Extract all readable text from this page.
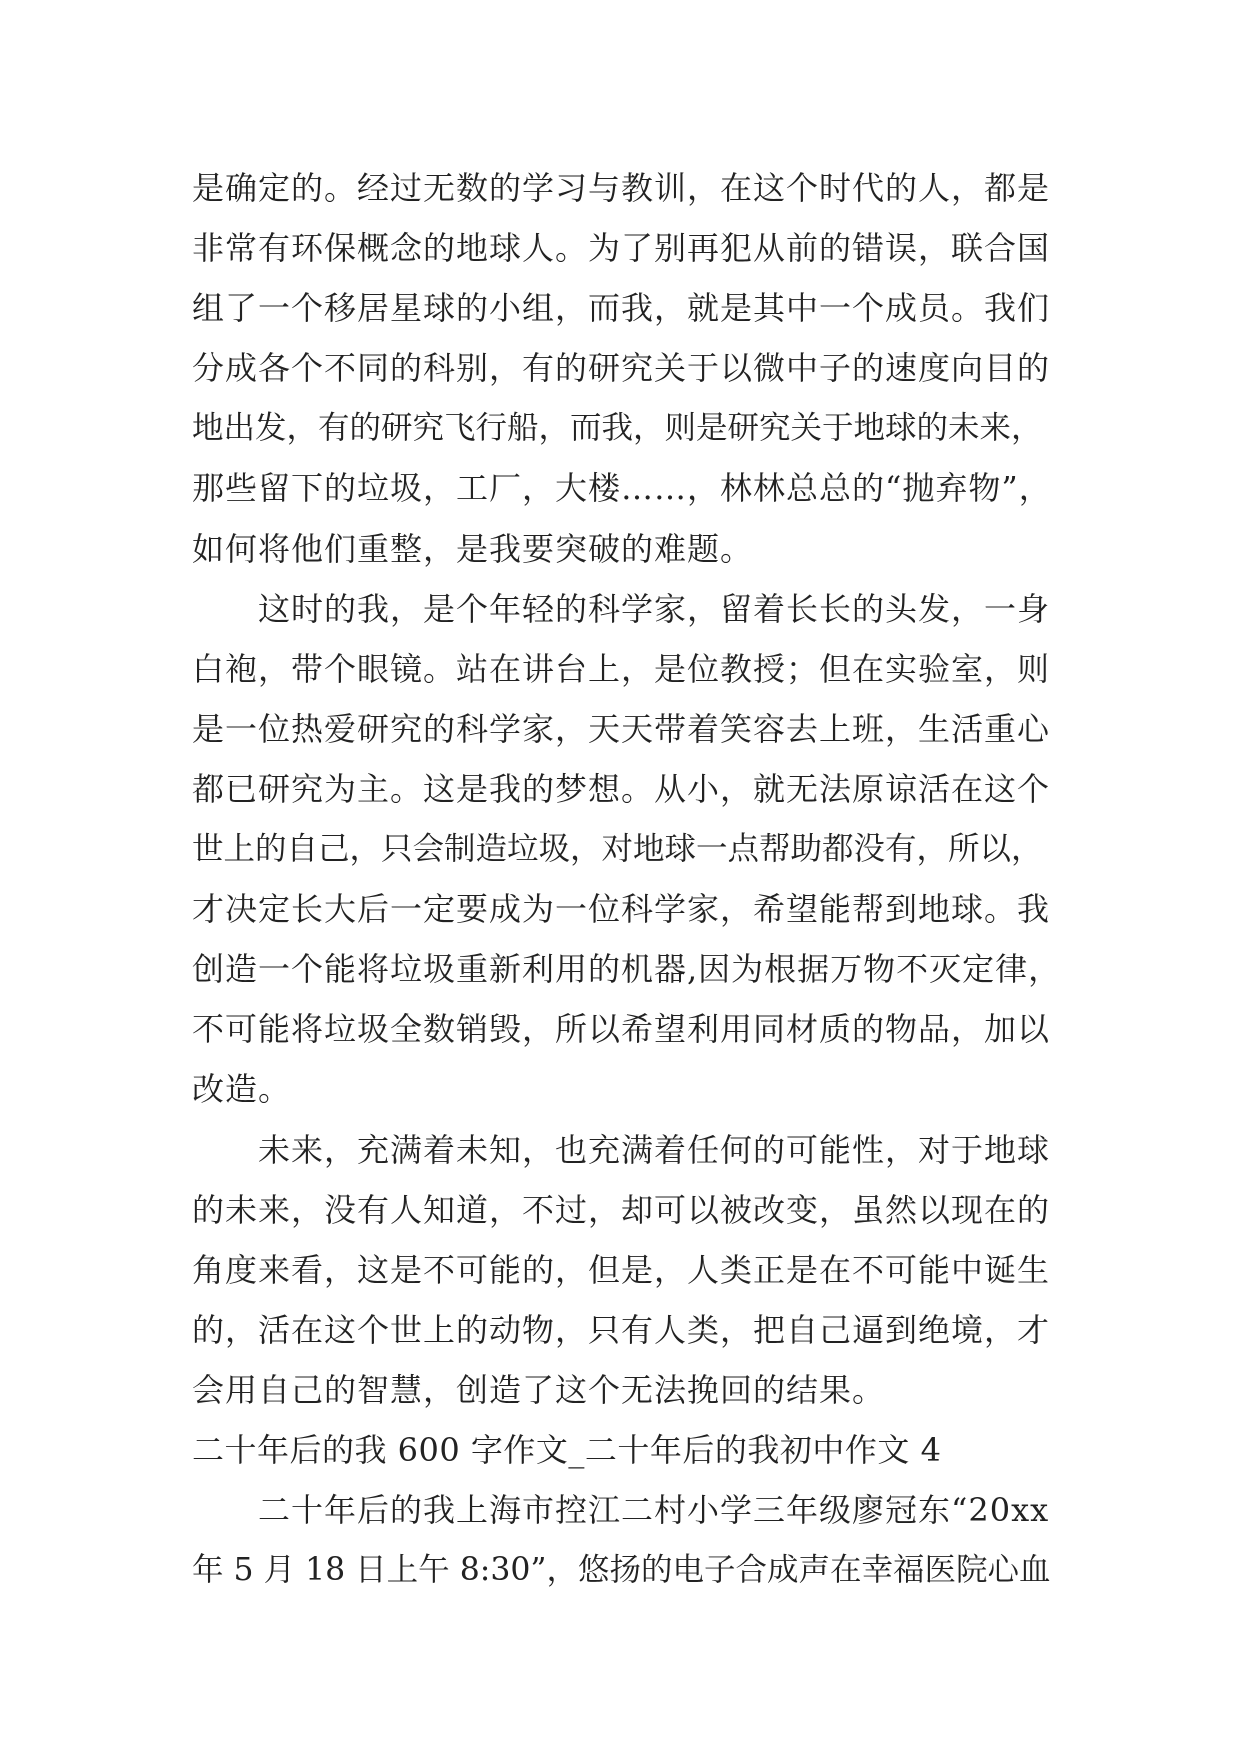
是确定的。经过无数的学习与教训，在这个时代的人，都是
非常有环保概念的地球人。为了别再犯从前的错误，联合国
组了一个移居星球的小组，而我，就是其中一个成员。我们
分成各个不同的科别，有的研究关于以微中子的速度向目的
地出发，有的研究飞行船，而我，则是研究关于地球的未来，
那些留下的垃圾，工厂，大楼……，林林总总的“抛弃物”，
如何将他们重整，是我要突破的难题。
这时的我，是个年轻的科学家，留着长长的头发，一身
白袍，带个眼镜。站在讲台上，是位教授；但在实验室，则
是一位热爱研究的科学家，天天带着笑容去上班，生活重心
都已研究为主。这是我的梦想。从小，就无法原谅活在这个
世上的自己，只会制造垃圾，对地球一点帮助都没有，所以，
才决定长大后一定要成为一位科学家，希望能帮到地球。我
创造一个能将垃圾重新利用的机器,因为根据万物不灭定律，
不可能将垃圾全数销毁，所以希望利用同材质的物品，加以
改造。
未来，充满着未知，也充满着任何的可能性，对于地球
的未来，没有人知道，不过，却可以被改变，虽然以现在的
角度来看，这是不可能的，但是，人类正是在不可能中诞生
的，活在这个世上的动物，只有人类，把自己逼到绝境，才
会用自己的智慧，创造了这个无法挽回的结果。
二十年后的我 600 字作文_二十年后的我初中作文 4
二十年后的我上海市控江二村小学三年级廖冠东“20xx
年 5 月 18 日上午 8:30”，悠扬的电子合成声在幸福医院心血
